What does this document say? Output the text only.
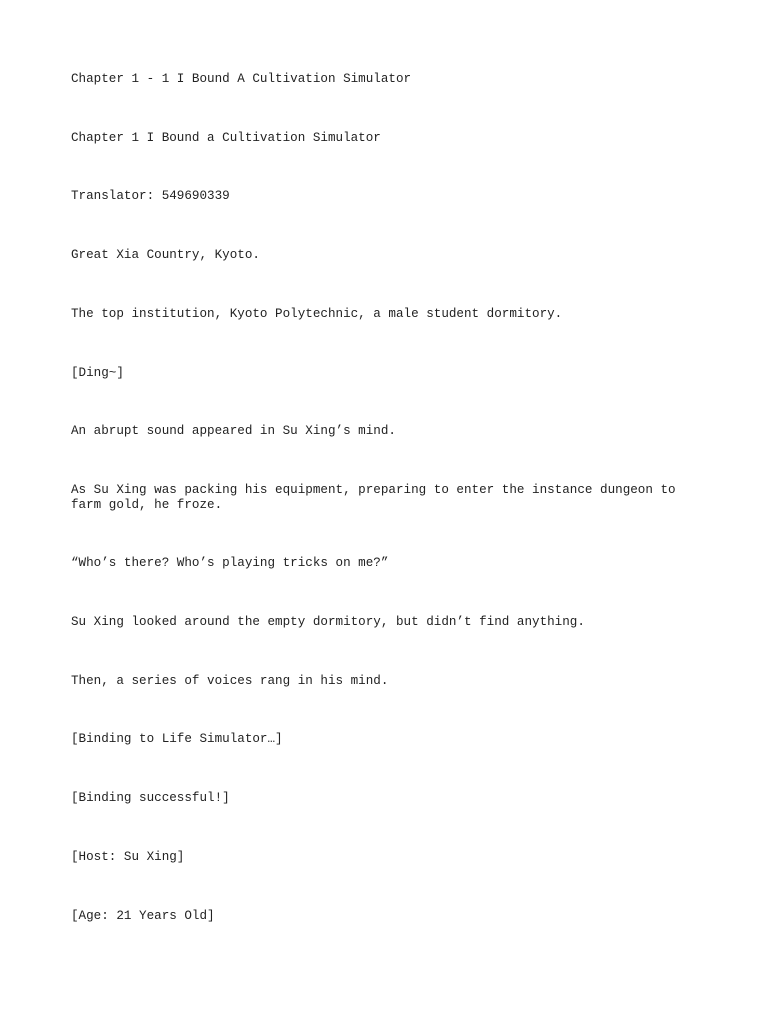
Chapter 1 - 1 I Bound A Cultivation Simulator

Chapter 1 I Bound a Cultivation Simulator

Translator: 549690339

Great Xia Country, Kyoto.

The top institution, Kyoto Polytechnic, a male student dormitory.

[Ding~]

An abrupt sound appeared in Su Xing’s mind.

As Su Xing was packing his equipment, preparing to enter the instance dungeon to farm gold, he froze.

“Who’s there? Who’s playing tricks on me?”

Su Xing looked around the empty dormitory, but didn’t find anything.

Then, a series of voices rang in his mind.

[Binding to Life Simulator…]

[Binding successful!]

[Host: Su Xing]

[Age: 21 Years Old]
